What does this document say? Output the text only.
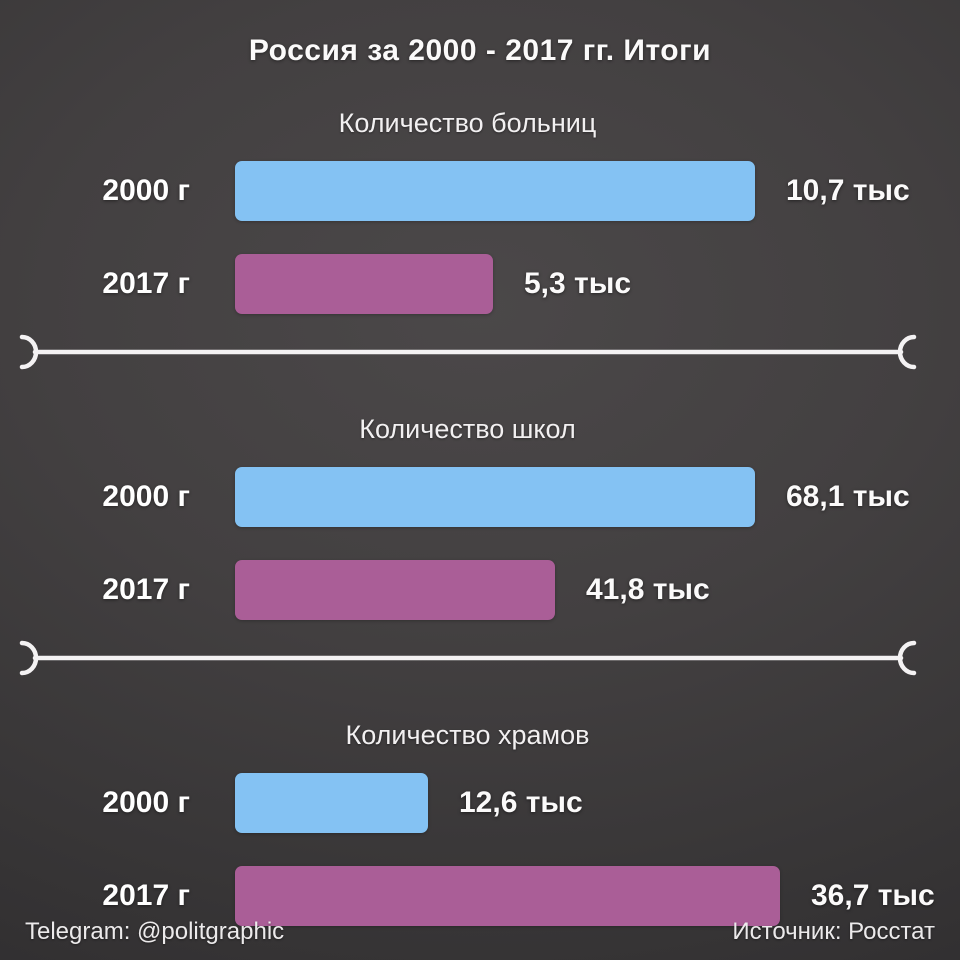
Россия за 2000 - 2017 гг. Итоги
Количество больниц
2000 г	10,7 тыс
2017 г	5,3 тыс
Количество школ
2000 г	68,1 тыс
2017 г	41,8 тыс
Количество храмов
2000 г	12,6 тыс
2017 г	36,7 тыс
Telegram: @politgraphic	Источник: Росстат
